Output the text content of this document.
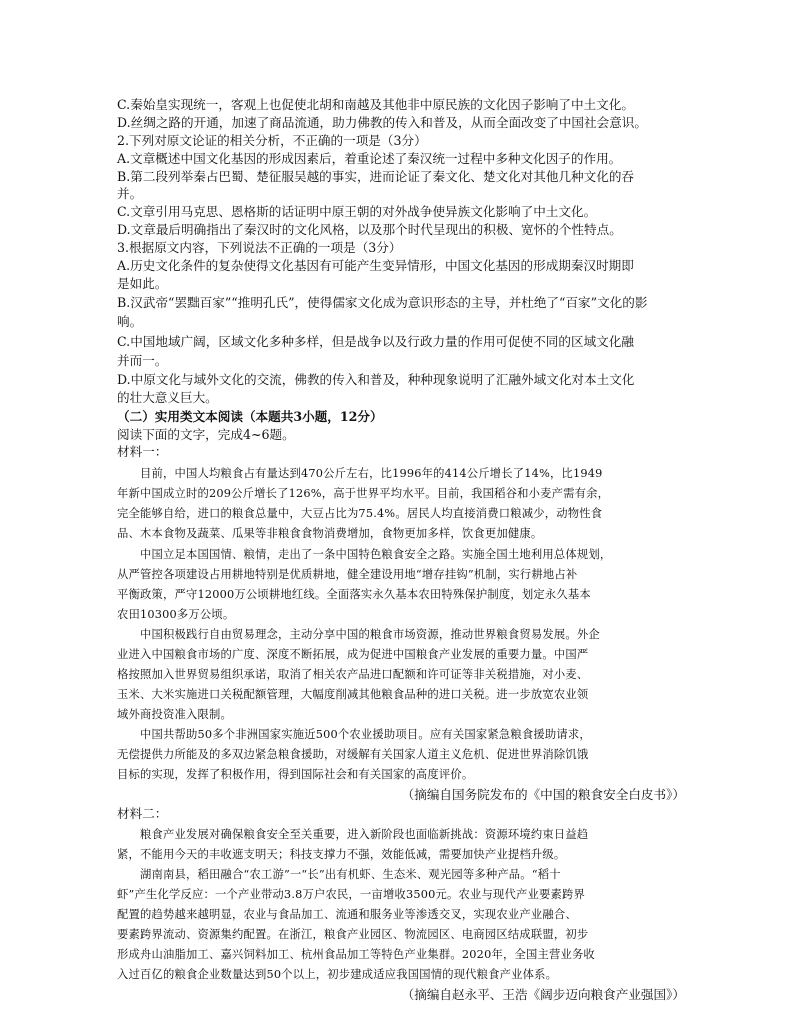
C.秦始皇实现统一，客观上也促使北胡和南越及其他非中原民族的文化因子影响了中土文化。
D.丝绸之路的开通，加速了商品流通，助力佛教的传入和普及，从而全面改变了中国社会意识。
2.下列对原文论证的相关分析，不正确的一项是（3分）
A.文章概述中国文化基因的形成因素后，着重论述了秦汉统一过程中多种文化因子的作用。
B.第二段列举秦占巴蜀、楚征服吴越的事实，进而论证了秦文化、楚文化对其他几种文化的吞
并。
C.文章引用马克思、恩格斯的话证明中原王朝的对外战争使异族文化影响了中土文化。
D.文章最后明确指出了秦汉时的文化风格，以及那个时代呈现出的积极、宽怀的个性特点。
3.根据原文内容，下列说法不正确的一项是（3分）
A.历史文化条件的复杂使得文化基因有可能产生变异情形，中国文化基因的形成期秦汉时期即
是如此。
B.汉武帝“罢黜百家”“推明孔氏”，使得儒家文化成为意识形态的主导，并杜绝了“百家”文化的影
响。
C.中国地域广阔，区域文化多种多样，但是战争以及行政力量的作用可促使不同的区域文化融
并而一。
D.中原文化与域外文化的交流，佛教的传入和普及，种种现象说明了汇融外域文化对本土文化
的壮大意义巨大。
（二）实用类文本阅读（本题共3小题，12分）
阅读下面的文字，完成4~6题。
材料一：
目前，中国人均粮食占有量达到470公斤左右，比1996年的414公斤增长了14%，比1949
年新中国成立时的209公斤增长了126%，高于世界平均水平。目前，我国稻谷和小麦产需有余，
完全能够自给，进口的粮食总量中，大豆占比为75.4%。居民人均直接消费口粮减少，动物性食
品、木本食物及蔬菜、瓜果等非粮食食物消费增加，食物更加多样，饮食更加健康。
中国立足本国国情、粮情，走出了一条中国特色粮食安全之路。实施全国土地利用总体规划，
从严管控各项建设占用耕地特别是优质耕地，健全建设用地“增存挂钩”机制，实行耕地占补
平衡政策，严守12000万公顷耕地红线。全面落实永久基本农田特殊保护制度，划定永久基本
农田10300多万公顷。
中国积极践行自由贸易理念，主动分享中国的粮食市场资源，推动世界粮食贸易发展。外企
业进入中国粮食市场的广度、深度不断拓展，成为促进中国粮食产业发展的重要力量。中国严
格按照加入世界贸易组织承诺，取消了相关农产品进口配额和许可证等非关税措施，对小麦、
玉米、大米实施进口关税配额管理，大幅度削减其他粮食品种的进口关税。进一步放宽农业领
域外商投资准入限制。
中国共帮助50多个非洲国家实施近500个农业援助项目。应有关国家紧急粮食援助请求，
无偿提供力所能及的多双边紧急粮食援助，对缓解有关国家人道主义危机、促进世界消除饥饿
目标的实现，发挥了积极作用，得到国际社会和有关国家的高度评价。
（摘编自国务院发布的《中国的粮食安全白皮书》）
材料二：
粮食产业发展对确保粮食安全至关重要，进入新阶段也面临新挑战：资源环境约束日益趋
紧，不能用今天的丰收遮支明天；科技支撑力不强，效能低减，需要加快产业提档升级。
湖南南县，稻田融合“农工游”一“长”出有机虾、生态米、观光园等多种产品。“稻十
虾”产生化学反应：一个产业带动3.8万户农民，一亩增收3500元。农业与现代产业要素跨界
配置的趋势越来越明显，农业与食品加工、流通和服务业等渗透交叉，实现农业产业融合、
要素跨界流动、资源集约配置。在浙江，粮食产业园区、物流园区、电商园区结成联盟，初步
形成舟山油脂加工、嘉兴饲料加工、杭州食品加工等特色产业集群。2020年，全国主营业务收
入过百亿的粮食企业数量达到50个以上，初步建成适应我国国情的现代粮食产业体系。
（摘编自赵永平、王浩《阔步迈向粮食产业强国》）
